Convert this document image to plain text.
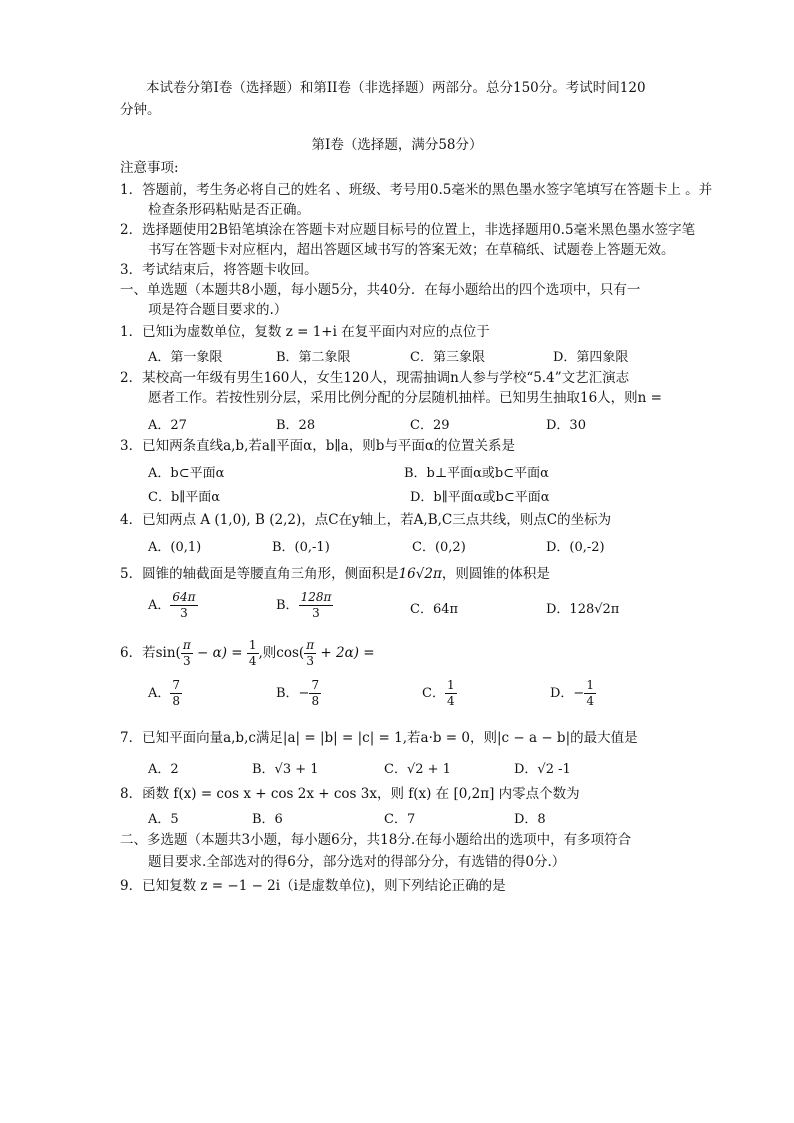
本试卷分第Ⅰ卷（选择题）和第II卷（非选择题）两部分。总分150分。考试时间120
分钟。
第Ⅰ卷（选择题，满分58分）
注意事项:
1．答题前，考生务必将自己的姓名 、班级、考号用0.5毫米的黑色墨水签字笔填写在答题卡上 。并
检查条形码粘贴是否正确。
2．选择题使用2B铅笔填涂在答题卡对应题目标号的位置上，非选择题用0.5毫米黑色墨水签字笔
书写在答题卡对应框内，超出答题区域书写的答案无效；在草稿纸、试题卷上答题无效。
3．考试结束后，将答题卡收回。
一、单选题（本题共8小题，每小题5分，共40分．在每小题给出的四个选项中，只有一
项是符合题目要求的.）
1．已知i为虚数单位，复数 z = 1+i 在复平面内对应的点位于
A．第一象限	B．第二象限	C．第三象限	D．第四象限
2．某校高一年级有男生160人，女生120人，现需抽调n人参与学校“5.4”文艺汇演志
愿者工作。若按性别分层，采用比例分配的分层随机抽样。已知男生抽取16人，则n =
A．27	B．28	C．29	D．30
3．已知两条直线a,b,若a∥平面α，b∥a，则b与平面α的位置关系是
A．b⊂平面α	B．b⊥平面α或b⊂平面α
C．b∥平面α	D．b∥平面α或b⊂平面α
4．已知两点 A (1,0), B (2,2)，点C在y轴上，若A,B,C三点共线，则点C的坐标为
A．(0,1)	B．(0,-1)	C．(0,2)	D．(0,-2)
5．圆锥的轴截面是等腰直角三角形，侧面积是16√2π，则圆锥的体积是
A． $\frac{64\pi}{3}$	B． $\frac{128\pi}{3}$	C．64π	D．128√2π
6．若$\sin( \frac{\pi}{3} - \alpha) = \frac{1}{4}$ ,则$\cos( \frac{\pi}{3} + 2\alpha)$ =
A． $\frac{7}{8}$	B．− $\frac{7}{8}$	C． $\frac{1}{4}$	D．− $\frac{1}{4}$
7．已知平面向量a,b,c满足|a| = |b| = |c| = 1,若a·b = 0，则|c − a − b|的最大值是
A．2	B．√3 + 1	C．√2 + 1	D．√2 -1
8．函数 f(x) = cos x + cos 2x + cos 3x，则 f(x) 在 [0,2π] 内零点个数为
A．5	B．6	C．7	D．8
二、多选题（本题共3小题，每小题6分，共18分.在每小题给出的选项中，有多项符合
题目要求.全部选对的得6分，部分选对的得部分分，有选错的得0分.）
9．已知复数 z = −1 − 2i（i是虚数单位)，则下列结论正确的是
